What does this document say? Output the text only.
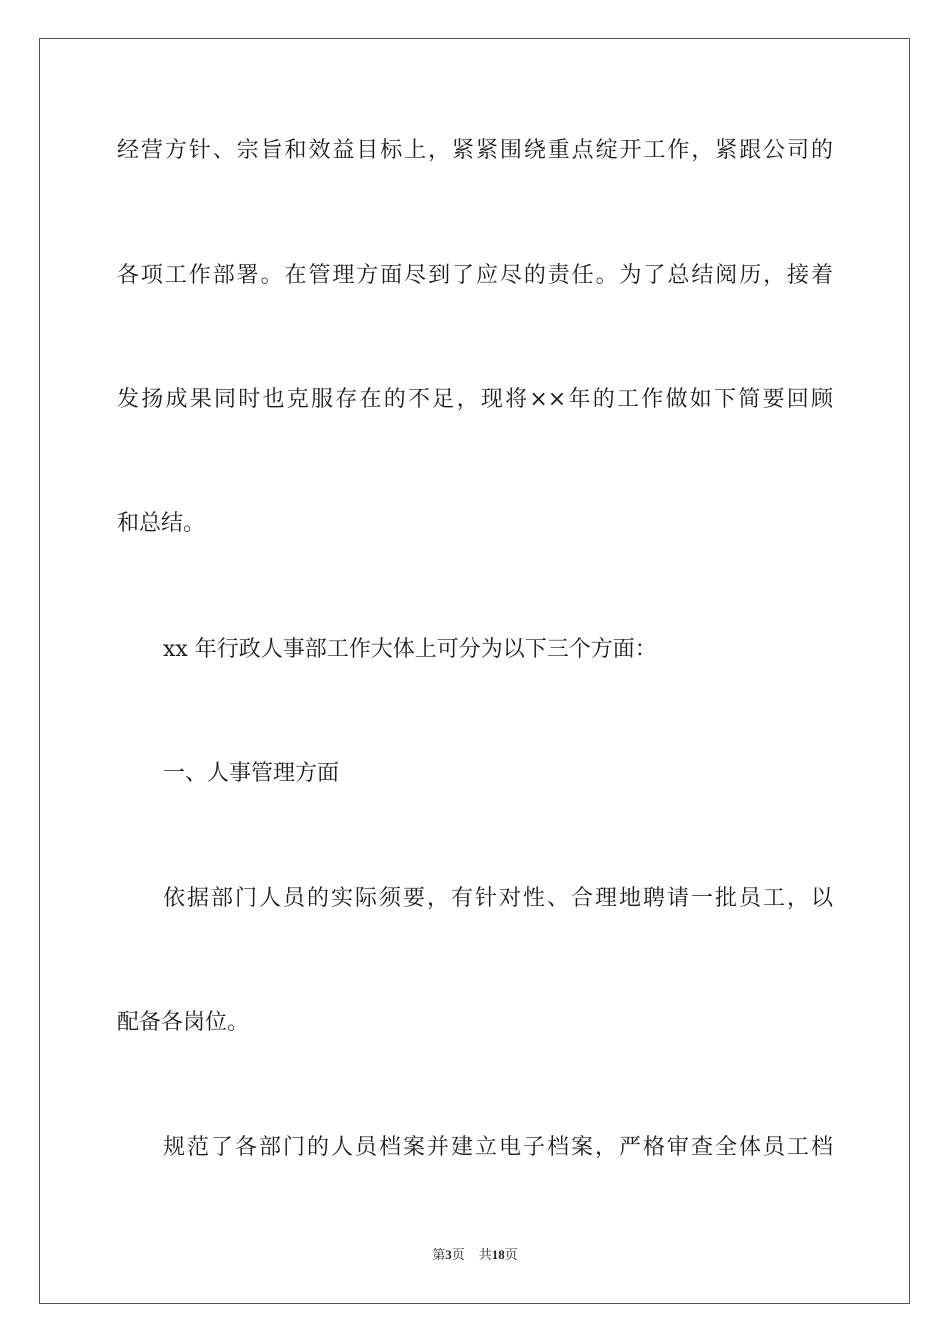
经营方针、宗旨和效益目标上，紧紧围绕重点绽开工作，紧跟公司的

各项工作部署。在管理方面尽到了应尽的责任。为了总结阅历，接着

发扬成果同时也克服存在的不足，现将××年的工作做如下简要回顾

和总结。

xx 年行政人事部工作大体上可分为以下三个方面：

一、人事管理方面

依据部门人员的实际须要，有针对性、合理地聘请一批员工，以

配备各岗位。

规范了各部门的人员档案并建立电子档案，严格审查全体员工档

第3页 共18页
